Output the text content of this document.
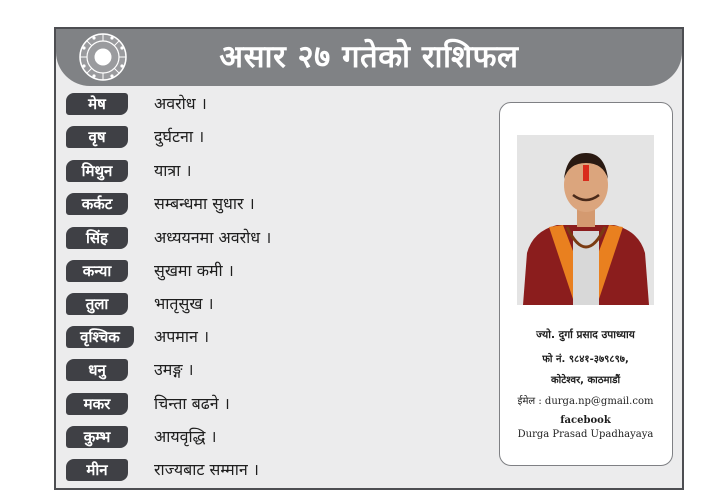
असार २७ गतेको राशिफल
मेष	अवरोध ।
वृष	दुर्घटना ।
मिथुन	यात्रा ।
कर्कट	सम्बन्धमा सुधार ।
सिंह	अध्ययनमा अवरोध ।
कन्या	सुखमा कमी ।
तुला	भातृसुख ।
वृश्चिक	अपमान ।
धनु	उमङ्ग ।
मकर	चिन्ता बढने ।
कुम्भ	आयवृद्धि ।
मीन	राज्यबाट सम्मान ।
ज्यो. दुर्गा प्रसाद उपाध्याय
फो नं. ९८४१-३७९८९७,
कोटेश्वर, काठमाडौं
ईमेल : durga.np@gmail.com
facebook
Durga Prasad Upadhayaya
